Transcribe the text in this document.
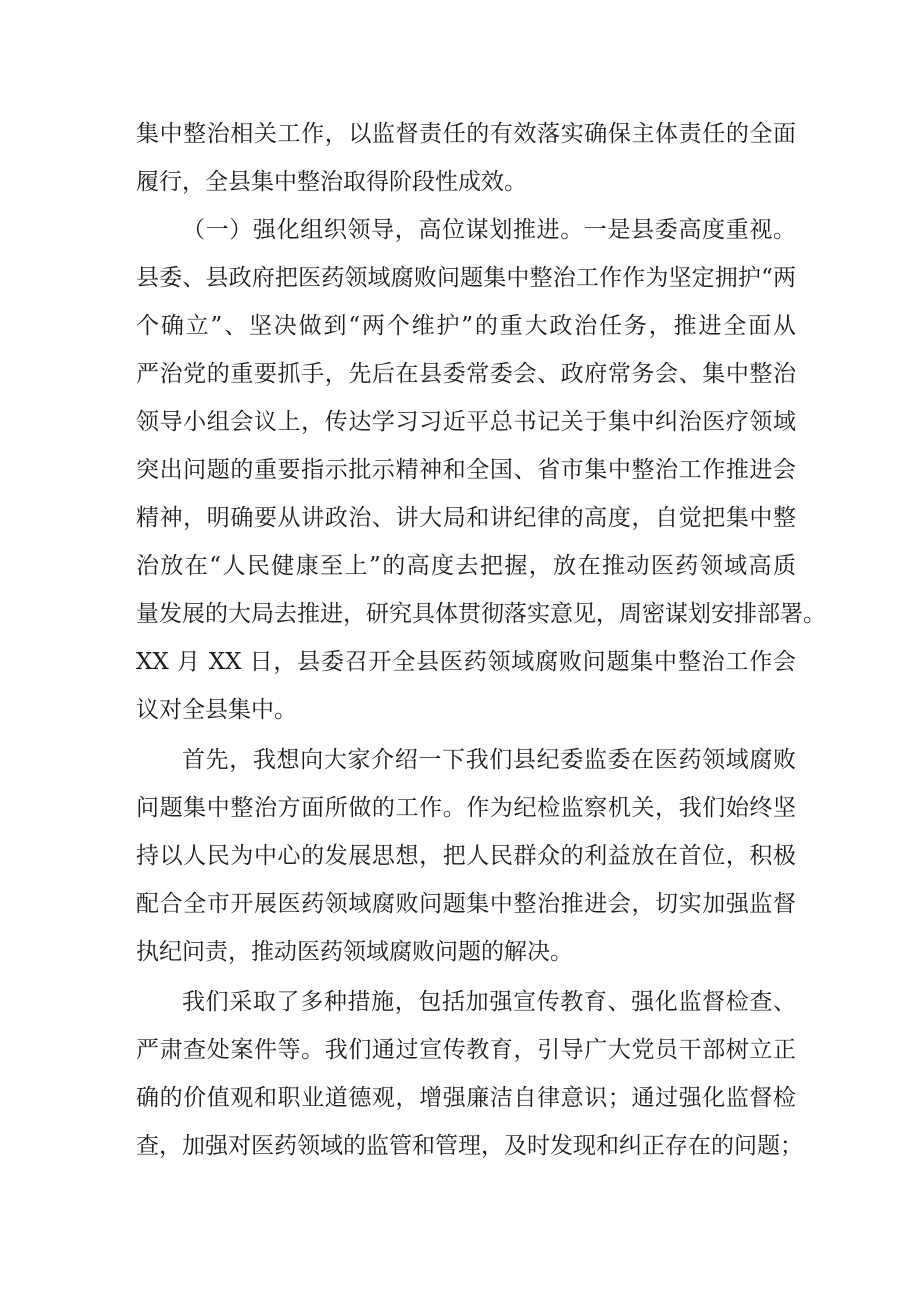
集中整治相关工作，以监督责任的有效落实确保主体责任的全面
履行，全县集中整治取得阶段性成效。
（一）强化组织领导，高位谋划推进。一是县委高度重视。
县委、县政府把医药领域腐败问题集中整治工作作为坚定拥护“两
个确立”、坚决做到“两个维护”的重大政治任务，推进全面从
严治党的重要抓手，先后在县委常委会、政府常务会、集中整治
领导小组会议上，传达学习习近平总书记关于集中纠治医疗领域
突出问题的重要指示批示精神和全国、省市集中整治工作推进会
精神，明确要从讲政治、讲大局和讲纪律的高度，自觉把集中整
治放在“人民健康至上”的高度去把握，放在推动医药领域高质
量发展的大局去推进，研究具体贯彻落实意见，周密谋划安排部署。
XX 月 XX 日，县委召开全县医药领域腐败问题集中整治工作会
议对全县集中。
首先，我想向大家介绍一下我们县纪委监委在医药领域腐败
问题集中整治方面所做的工作。作为纪检监察机关，我们始终坚
持以人民为中心的发展思想，把人民群众的利益放在首位，积极
配合全市开展医药领域腐败问题集中整治推进会，切实加强监督
执纪问责，推动医药领域腐败问题的解决。
我们采取了多种措施，包括加强宣传教育、强化监督检查、
严肃查处案件等。我们通过宣传教育，引导广大党员干部树立正
确的价值观和职业道德观，增强廉洁自律意识；通过强化监督检
查，加强对医药领域的监管和管理，及时发现和纠正存在的问题；
